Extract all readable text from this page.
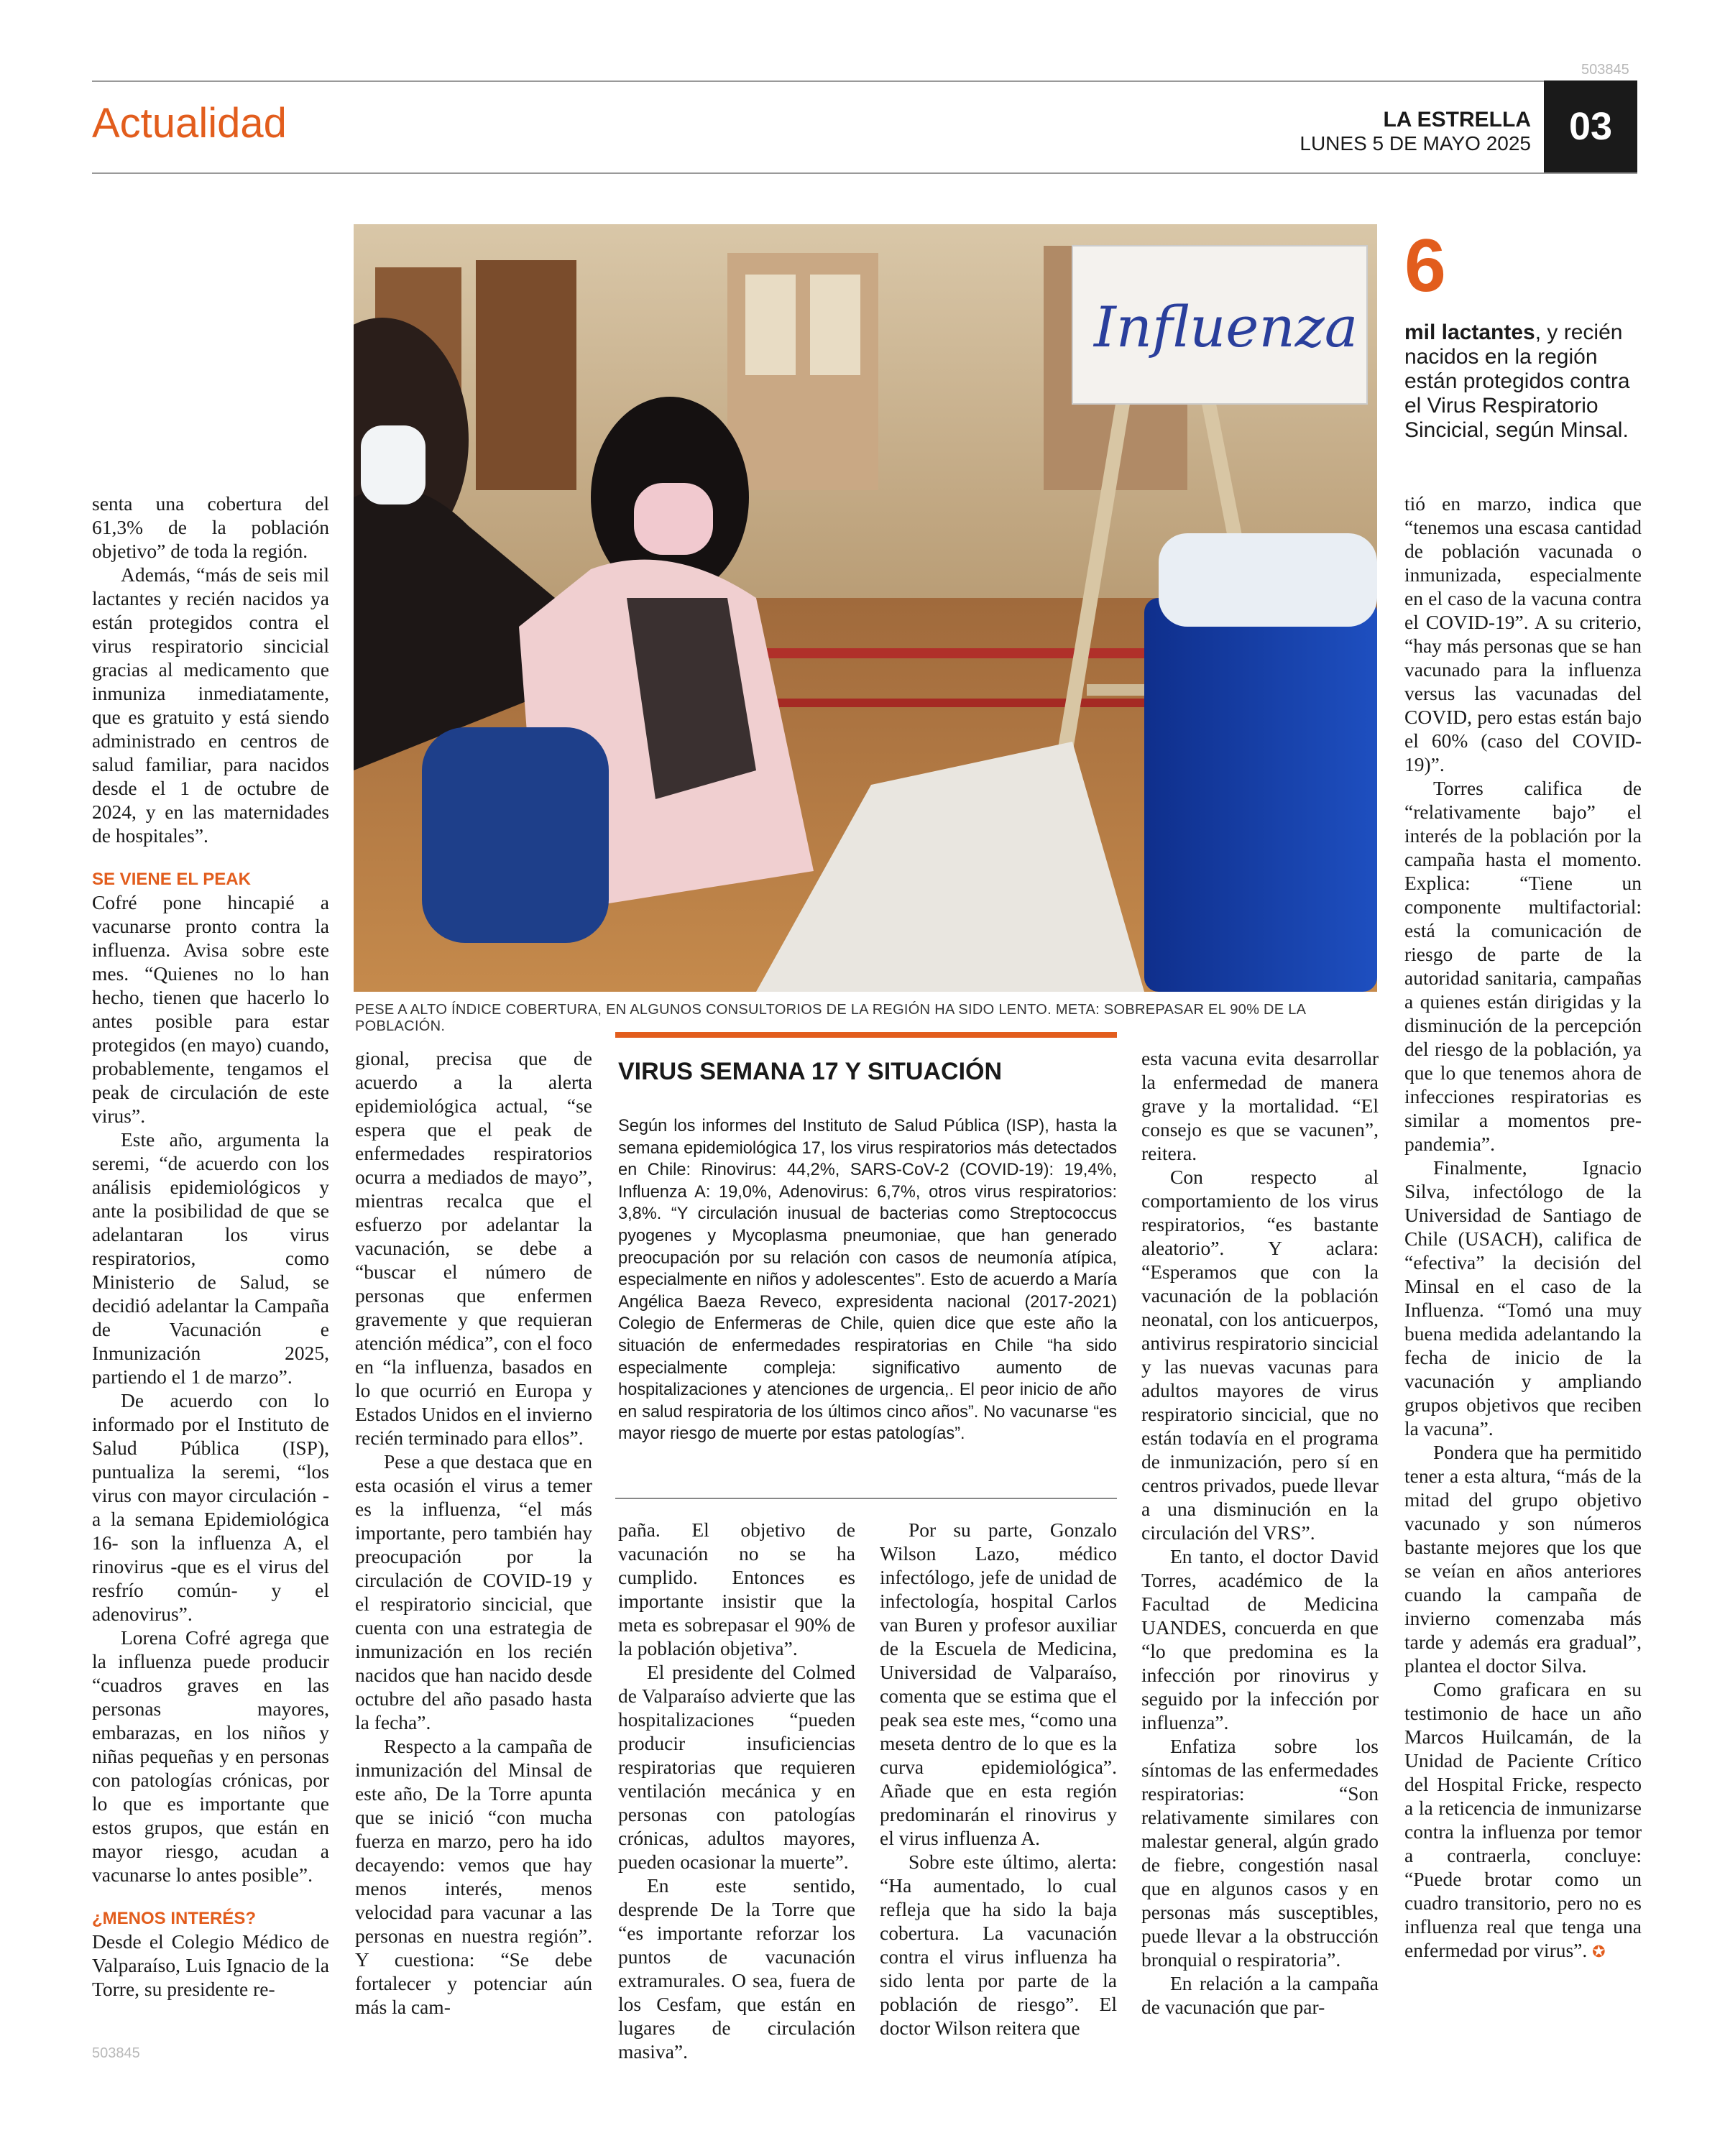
503845
Actualidad	LA ESTRELLA
LUNES 5 DE MAYO 2025 03
Influenza
PESE A ALTO ÍNDICE COBERTURA, EN ALGUNOS CONSULTORIOS DE LA REGIÓN HA SIDO LENTO. META: SOBREPASAR EL 90% DE LA POBLACIÓN.
6
mil lactantes, y recién nacidos en la región están protegidos contra el Virus Respiratorio Sincicial, según Minsal.

senta una cobertura del 61,3% de la población objetivo” de toda la región.

Además, “más de seis mil lactantes y recién nacidos ya están protegidos contra el virus respiratorio sincicial gracias al medicamento que inmuniza inmediatamente, que es gratuito y está siendo administrado en centros de salud familiar, para nacidos desde el 1 de octubre de 2024, y en las maternidades de hospitales”.

SE VIENE EL PEAK

Cofré pone hincapié a vacunarse pronto contra la influenza. Avisa sobre este mes. “Quienes no lo han hecho, tienen que hacerlo lo antes posible para estar protegidos (en mayo) cuando, probablemente, tengamos el peak de circulación de este virus”.

Este año, argumenta la seremi, “de acuerdo con los análisis epidemiológicos y ante la posibilidad de que se adelantaran los virus respiratorios, como Ministerio de Salud, se decidió adelantar la Campaña de Vacunación e Inmunización 2025, partiendo el 1 de marzo”.

De acuerdo con lo informado por el Instituto de Salud Pública (ISP), puntualiza la seremi, “los virus con mayor circulación -a la semana Epidemiológica 16- son la influenza A, el rinovirus -que es el virus del resfrío común- y el adenovirus”.

Lorena Cofré agrega que la influenza puede producir “cuadros graves en las personas mayores, embarazas, en los niños y niñas pequeñas y en personas con patologías crónicas, por lo que es importante que estos grupos, que están en mayor riesgo, acudan a vacunarse lo antes posible”.

¿MENOS INTERÉS?

Desde el Colegio Médico de Valparaíso, Luis Ignacio de la Torre, su presidente re-

gional, precisa que de acuerdo a la alerta epidemiológica actual, “se espera que el peak de enfermedades respiratorios ocurra a mediados de mayo”, mientras recalca que el esfuerzo por adelantar la vacunación, se debe a “buscar el número de personas que enfermen gravemente y que requieran atención médica”, con el foco en “la influenza, basados en lo que ocurrió en Europa y Estados Unidos en el invierno recién terminado para ellos”.

Pese a que destaca que en esta ocasión el virus a temer es la influenza, “el más importante, pero también hay preocupación por la circulación de COVID-19 y el respiratorio sincicial, que cuenta con una estrategia de inmunización en los recién nacidos que han nacido desde octubre del año pasado hasta la fecha”.

Respecto a la campaña de inmunización del Minsal de este año, De la Torre apunta que se inició “con mucha fuerza en marzo, pero ha ido decayendo: vemos que hay menos interés, menos velocidad para vacunar a las personas en nuestra región”. Y cuestiona: “Se debe fortalecer y potenciar aún más la cam-

VIRUS SEMANA 17 Y SITUACIÓN
Según los informes del Instituto de Salud Pública (ISP), hasta la semana epidemiológica 17, los virus respiratorios más detectados en Chile: Rinovirus: 44,2%, SARS-CoV-2 (COVID-19): 19,4%, Influenza A: 19,0%, Adenovirus: 6,7%, otros virus respiratorios: 3,8%. “Y circulación inusual de bacterias como Streptococcus pyogenes y Mycoplasma pneumoniae, que han generado preocupación por su relación con casos de neumonía atípica, especialmente en niños y adolescentes”. Esto de acuerdo a María Angélica Baeza Reveco, expresidenta nacional (2017-2021) Colegio de Enfermeras de Chile, quien dice que este año la situación de enfermedades respiratorias en Chile “ha sido especialmente compleja: significativo aumento de hospitalizaciones y atenciones de urgencia,. El peor inicio de año en salud respiratoria de los últimos cinco años”. No vacunarse “es mayor riesgo de muerte por estas patologías”.

paña. El objetivo de vacunación no se ha cumplido. Entonces es importante insistir que la meta es sobrepasar el 90% de la población objetiva”.

El presidente del Colmed de Valparaíso advierte que las hospitalizaciones “pueden producir insuficiencias respiratorias que requieren ventilación mecánica y en personas con patologías crónicas, adultos mayores, pueden ocasionar la muerte”.

En este sentido, desprende De la Torre que “es importante reforzar los puntos de vacunación extramurales. O sea, fuera de los Cesfam, que están en lugares de circulación masiva”.

Por su parte, Gonzalo Wilson Lazo, médico infectólogo, jefe de unidad de infectología, hospital Carlos van Buren y profesor auxiliar de la Escuela de Medicina, Universidad de Valparaíso, comenta que se estima que el peak sea este mes, “como una meseta dentro de lo que es la curva epidemiológica”. Añade que en esta región predominarán el rinovirus y el virus influenza A.

Sobre este último, alerta: “Ha aumentado, lo cual refleja que ha sido la baja cobertura. La vacunación contra el virus influenza ha sido lenta por parte de la población de riesgo”. El doctor Wilson reitera que

esta vacuna evita desarrollar la enfermedad de manera grave y la mortalidad. “El consejo es que se vacunen”, reitera.

Con respecto al comportamiento de los virus respiratorios, “es bastante aleatorio”. Y aclara: “Esperamos que con la vacunación de la población neonatal, con los anticuerpos, antivirus respiratorio sincicial y las nuevas vacunas para adultos mayores de virus respiratorio sincicial, que no están todavía en el programa de inmunización, pero sí en centros privados, puede llevar a una disminución en la circulación del VRS”.

En tanto, el doctor David Torres, académico de la Facultad de Medicina UANDES, concuerda en que “lo que predomina es la infección por rinovirus y seguido por la infección por influenza”.

Enfatiza sobre los síntomas de las enfermedades respiratorias: “Son relativamente similares con malestar general, algún grado de fiebre, congestión nasal que en algunos casos y en personas más susceptibles, puede llevar a la obstrucción bronquial o respiratoria”.

En relación a la campaña de vacunación que par-

tió en marzo, indica que “tenemos una escasa cantidad de población vacunada o inmunizada, especialmente en el caso de la vacuna contra el COVID-19”. A su criterio, “hay más personas que se han vacunado para la influenza versus las vacunadas del COVID, pero estas están bajo el 60% (caso del COVID-19)”.

Torres califica de “relativamente bajo” el interés de la población por la campaña hasta el momento. Explica: “Tiene un componente multifactorial: está la comunicación de riesgo de parte de la autoridad sanitaria, campañas a quienes están dirigidas y la disminución de la percepción del riesgo de la población, ya que lo que tenemos ahora de infecciones respiratorias es similar a momentos pre-pandemia”.

Finalmente, Ignacio Silva, infectólogo de la Universidad de Santiago de Chile (USACH), califica de “efectiva” la decisión del Minsal en el caso de la Influenza. “Tomó una muy buena medida adelantando la fecha de inicio de la vacunación y ampliando grupos objetivos que reciben la vacuna”.

Pondera que ha permitido tener a esta altura, “más de la mitad del grupo objetivo vacunado y son números bastante mejores que los que se veían en años anteriores cuando la campaña de invierno comenzaba más tarde y además era gradual”, plantea el doctor Silva.

Como graficara en su testimonio de hace un año Marcos Huilcamán, de la Unidad de Paciente Crítico del Hospital Fricke, respecto a la reticencia de inmunizarse contra la influenza por temor a contraerla, concluye: “Puede brotar como un cuadro transitorio, pero no es influenza real que tenga una enfermedad por virus”. ✪

503845
